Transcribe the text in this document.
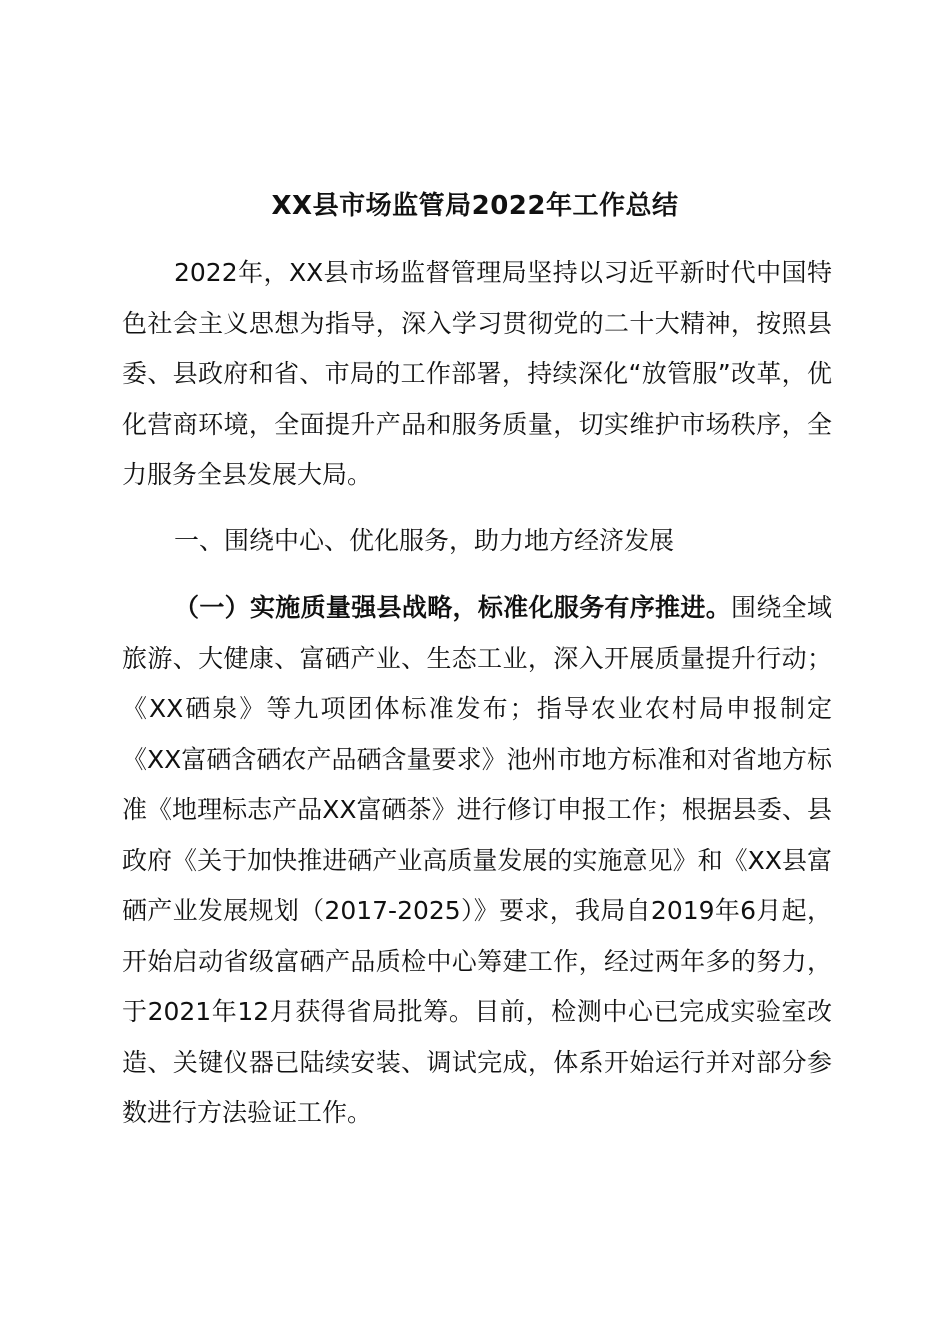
XX县市场监管局2022年工作总结

2022年，XX县市场监督管理局坚持以习近平新时代中国特色社会主义思想为指导，深入学习贯彻党的二十大精神，按照县委、县政府和省、市局的工作部署，持续深化“放管服”改革，优化营商环境，全面提升产品和服务质量，切实维护市场秩序，全力服务全县发展大局。

一、围绕中心、优化服务，助力地方经济发展

（一）实施质量强县战略，标准化服务有序推进。围绕全域旅游、大健康、富硒产业、生态工业，深入开展质量提升行动；《XX硒泉》等九项团体标准发布；指导农业农村局申报制定《XX富硒含硒农产品硒含量要求》池州市地方标准和对省地方标准《地理标志产品XX富硒茶》进行修订申报工作；根据县委、县政府《关于加快推进硒产业高质量发展的实施意见》和《XX县富硒产业发展规划（2017-2025）》要求，我局自2019年6月起，开始启动省级富硒产品质检中心筹建工作，经过两年多的努力，于2021年12月获得省局批筹。目前，检测中心已完成实验室改造、关键仪器已陆续安装、调试完成，体系开始运行并对部分参数进行方法验证工作。
